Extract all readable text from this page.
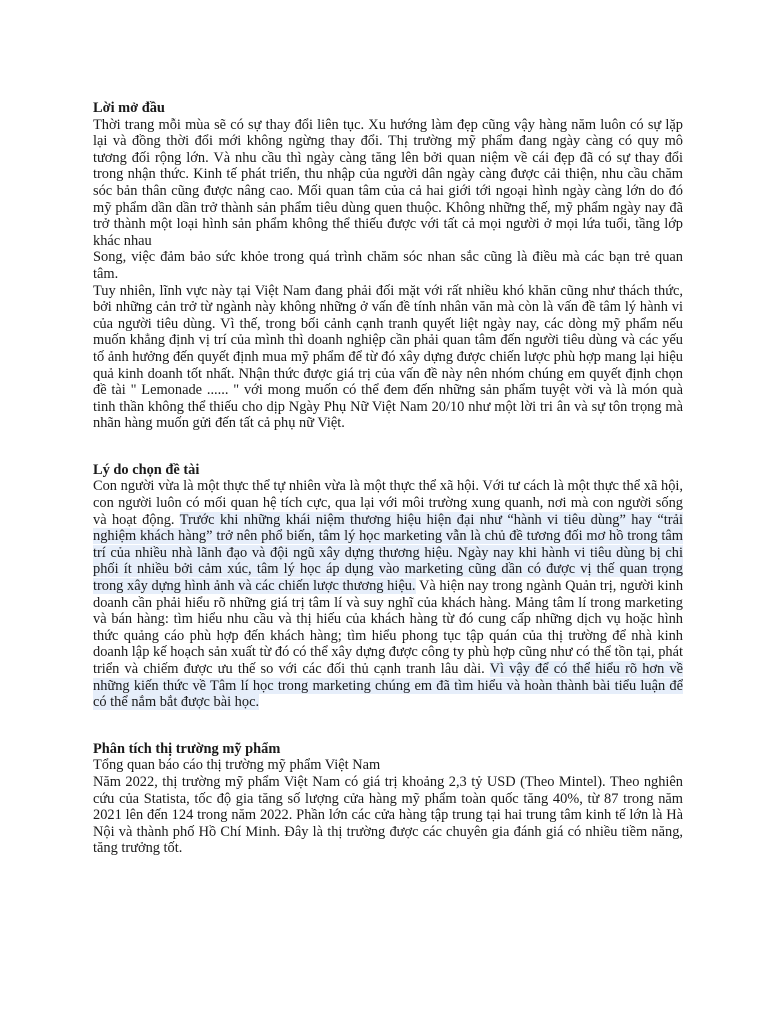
Lời mở đầu

Thời trang mỗi mùa sẽ có sự thay đổi liên tục. Xu hướng làm đẹp cũng vậy hàng năm luôn có sự lặp lại và đồng thời đổi mới không ngừng thay đổi. Thị trường mỹ phẩm đang ngày càng có quy mô tương đối rộng lớn. Và nhu cầu thì ngày càng tăng lên bởi quan niệm về cái đẹp đã có sự thay đổi trong nhận thức. Kinh tế phát triển, thu nhập của người dân ngày càng được cải thiện, nhu cầu chăm sóc bản thân cũng được nâng cao. Mối quan tâm của cả hai giới tới ngoại hình ngày càng lớn do đó mỹ phẩm dần dần trở thành sản phẩm tiêu dùng quen thuộc. Không những thế, mỹ phẩm ngày nay đã trở thành một loại hình sản phẩm không thể thiếu được với tất cả mọi người ở mọi lứa tuổi, tầng lớp khác nhau

Song, việc đảm bảo sức khỏe trong quá trình chăm sóc nhan sắc cũng là điều mà các bạn trẻ quan tâm.

Tuy nhiên, lĩnh vực này tại Việt Nam đang phải đối mặt với rất nhiều khó khăn cũng như thách thức, bởi những cản trở từ ngành này không những ở vấn đề tính nhân văn mà còn là vấn đề tâm lý hành vi của người tiêu dùng. Vì thế, trong bối cảnh cạnh tranh quyết liệt ngày nay, các dòng mỹ phẩm nếu muốn khẳng định vị trí của mình thì doanh nghiệp cần phải quan tâm đến người tiêu dùng và các yếu tố ảnh hưởng đến quyết định mua mỹ phẩm để từ đó xây dựng được chiến lược phù hợp mang lại hiệu quả kinh doanh tốt nhất. Nhận thức được giá trị của vấn đề này nên nhóm chúng em quyết định chọn đề tài " Lemonade ...... " với mong muốn có thể đem đến những sản phẩm tuyệt vời và là món quà tinh thần không thể thiếu cho dịp Ngày Phụ Nữ Việt Nam 20/10 như một lời tri ân và sự tôn trọng mà nhãn hàng muốn gửi đến tất cả phụ nữ Việt.

Lý do chọn đề tài

Con người vừa là một thực thể tự nhiên vừa là một thực thể xã hội. Với tư cách là một thực thể xã hội, con người luôn có mối quan hệ tích cực, qua lại với môi trường xung quanh, nơi mà con người sống và hoạt động. Trước khi những khái niệm thương hiệu hiện đại như “hành vi tiêu dùng” hay “trải nghiệm khách hàng” trở nên phổ biến, tâm lý học marketing vẫn là chủ đề tương đối mơ hồ trong tâm trí của nhiều nhà lãnh đạo và đội ngũ xây dựng thương hiệu. Ngày nay khi hành vi tiêu dùng bị chi phối ít nhiều bởi cảm xúc, tâm lý học áp dụng vào marketing cũng dần có được vị thế quan trọng trong xây dựng hình ảnh và các chiến lược thương hiệu. Và hiện nay trong ngành Quản trị, người kinh doanh cần phải hiểu rõ những giá trị tâm lí và suy nghĩ của khách hàng. Mảng tâm lí trong marketing và bán hàng: tìm hiểu nhu cầu và thị hiếu của khách hàng từ đó cung cấp những dịch vụ hoặc hình thức quảng cáo phù hợp đến khách hàng; tìm hiểu phong tục tập quán của thị trường để nhà kinh doanh lập kế hoạch sản xuất từ đó có thể xây dựng được công ty phù hợp cũng như có thể tồn tại, phát triển và chiếm được ưu thế so với các đối thủ cạnh tranh lâu dài. Vì vậy để có thể hiểu rõ hơn về những kiến thức về Tâm lí học trong marketing chúng em đã tìm hiểu và hoàn thành bài tiểu luận để có thể nắm bắt được bài học.

Phân tích thị trường mỹ phẩm

Tổng quan báo cáo thị trường mỹ phẩm Việt Nam

Năm 2022, thị trường mỹ phẩm Việt Nam có giá trị khoảng 2,3 tỷ USD (Theo Mintel). Theo nghiên cứu của Statista, tốc độ gia tăng số lượng cửa hàng mỹ phẩm toàn quốc tăng 40%, từ 87 trong năm 2021 lên đến 124 trong năm 2022. Phần lớn các cửa hàng tập trung tại hai trung tâm kinh tế lớn là Hà Nội và thành phố Hồ Chí Minh. Đây là thị trường được các chuyên gia đánh giá có nhiều tiềm năng, tăng trưởng tốt.
